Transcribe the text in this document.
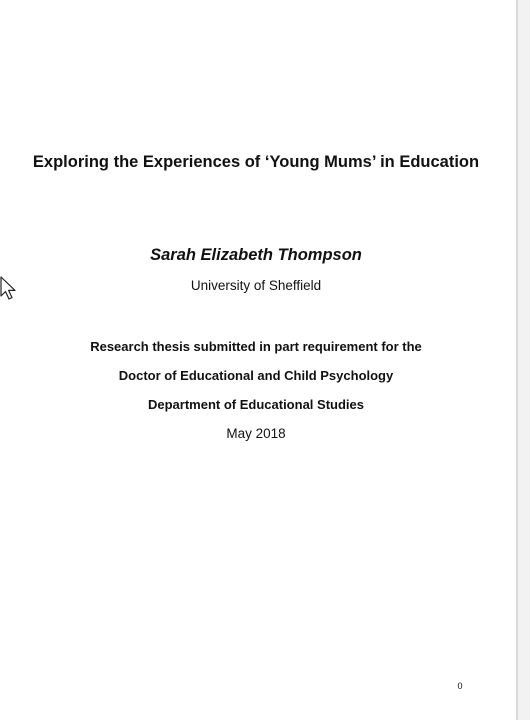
Exploring the Experiences of ‘Young Mums’ in Education
Sarah Elizabeth Thompson
University of Sheffield
Research thesis submitted in part requirement for the
Doctor of Educational and Child Psychology
Department of Educational Studies
May 2018
0
